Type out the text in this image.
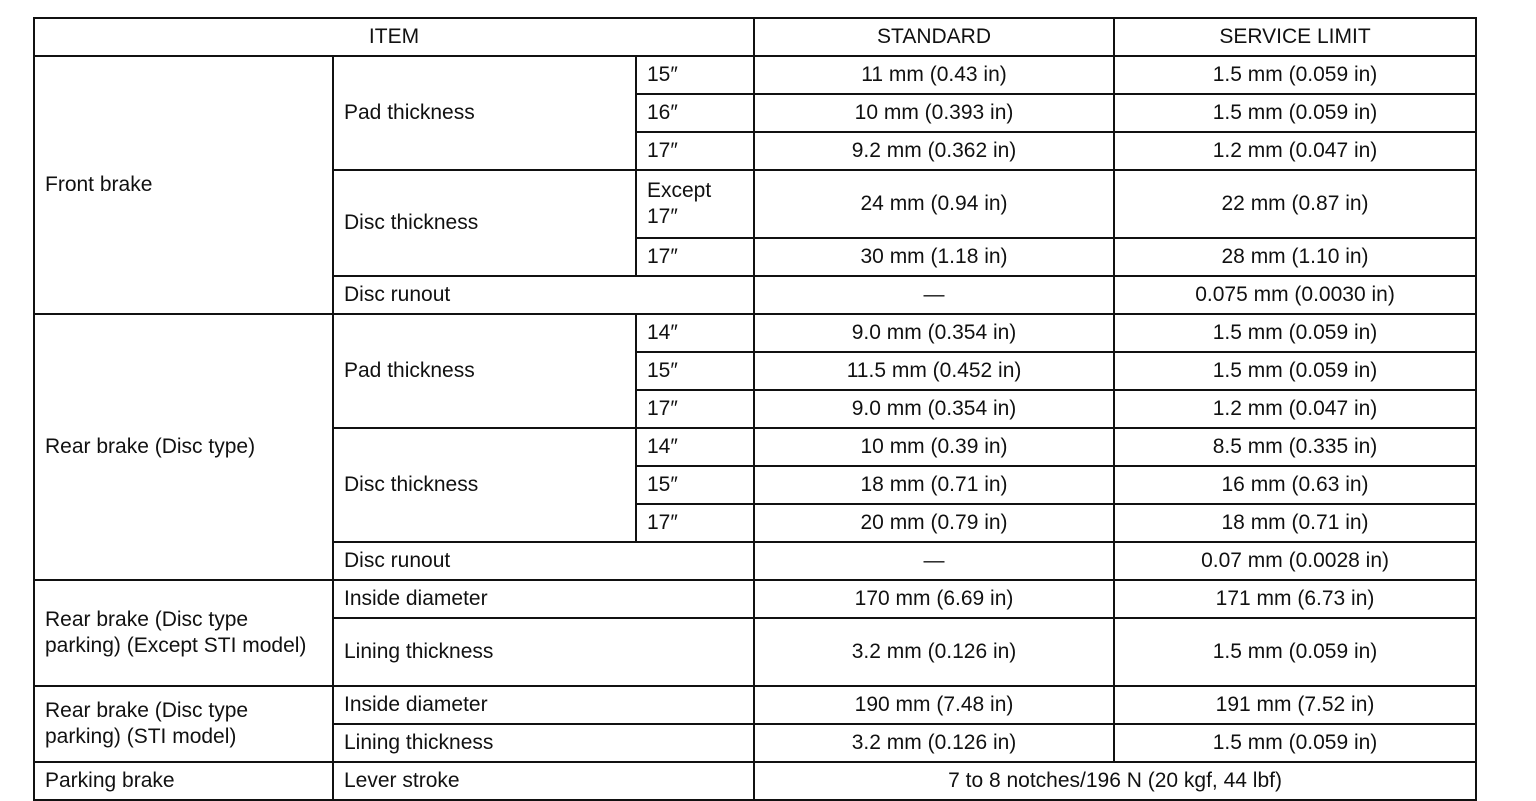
ITEM			STANDARD	SERVICE LIMIT
Front brake	Pad thickness	15″	11 mm (0.43 in)	1.5 mm (0.059 in)
		16″	10 mm (0.393 in)	1.5 mm (0.059 in)
		17″	9.2 mm (0.362 in)	1.2 mm (0.047 in)
	Disc thickness	Except 17″	24 mm (0.94 in)	22 mm (0.87 in)
		17″	30 mm (1.18 in)	28 mm (1.10 in)
	Disc runout		—	0.075 mm (0.0030 in)
Rear brake (Disc type)	Pad thickness	14″	9.0 mm (0.354 in)	1.5 mm (0.059 in)
		15″	11.5 mm (0.452 in)	1.5 mm (0.059 in)
		17″	9.0 mm (0.354 in)	1.2 mm (0.047 in)
	Disc thickness	14″	10 mm (0.39 in)	8.5 mm (0.335 in)
		15″	18 mm (0.71 in)	16 mm (0.63 in)
		17″	20 mm (0.79 in)	18 mm (0.71 in)
	Disc runout		—	0.07 mm (0.0028 in)
Rear brake (Disc type parking) (Except STI model)	Inside diameter		170 mm (6.69 in)	171 mm (6.73 in)
	Lining thickness		3.2 mm (0.126 in)	1.5 mm (0.059 in)
Rear brake (Disc type parking) (STI model)	Inside diameter		190 mm (7.48 in)	191 mm (7.52 in)
	Lining thickness		3.2 mm (0.126 in)	1.5 mm (0.059 in)
Parking brake	Lever stroke		7 to 8 notches/196 N (20 kgf, 44 lbf)	
